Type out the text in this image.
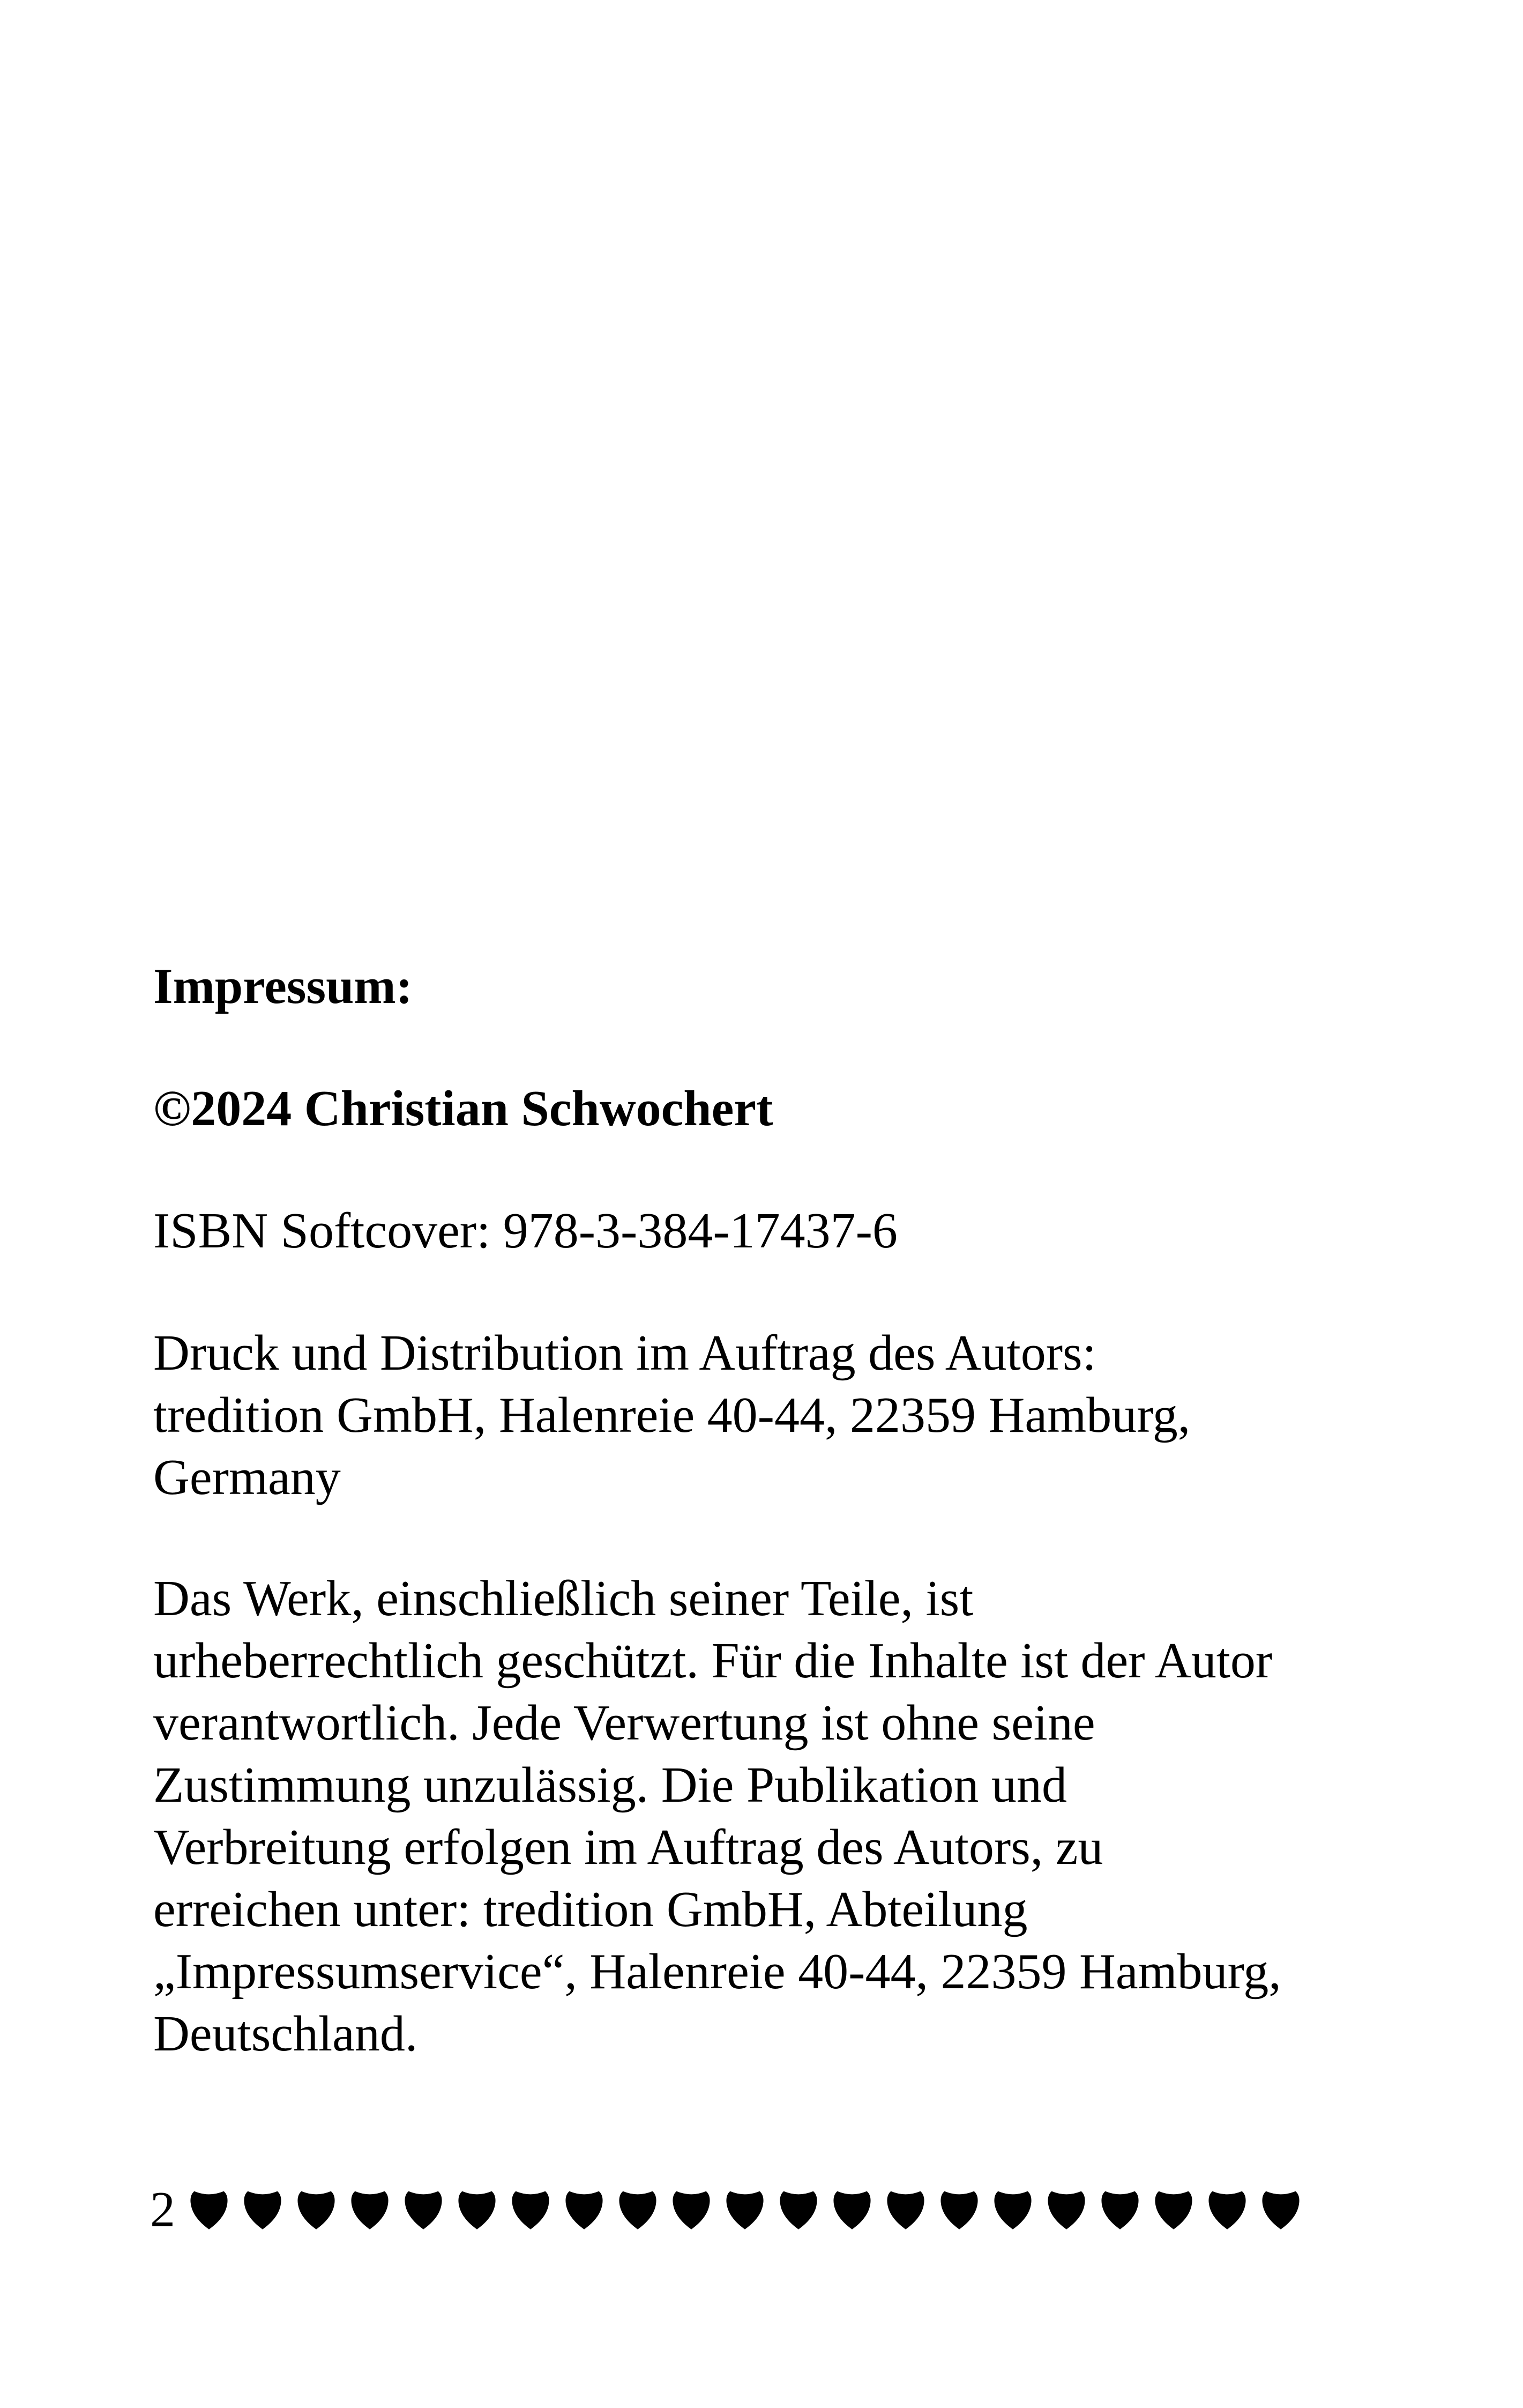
Impressum:

©2024 Christian Schwochert

ISBN Softcover: 978-3-384-17437-6

Druck und Distribution im Auftrag des Autors:
tredition GmbH, Halenreie 40-44, 22359 Hamburg,
Germany
Das Werk, einschließlich seiner Teile, ist
urheberrechtlich geschützt. Für die Inhalte ist der Autor
verantwortlich. Jede Verwertung ist ohne seine
Zustimmung unzulässig. Die Publikation und
Verbreitung erfolgen im Auftrag des Autors, zu
erreichen unter: tredition GmbH, Abteilung
„Impressumservice“, Halenreie 40-44, 22359 Hamburg,
Deutschland.
2
